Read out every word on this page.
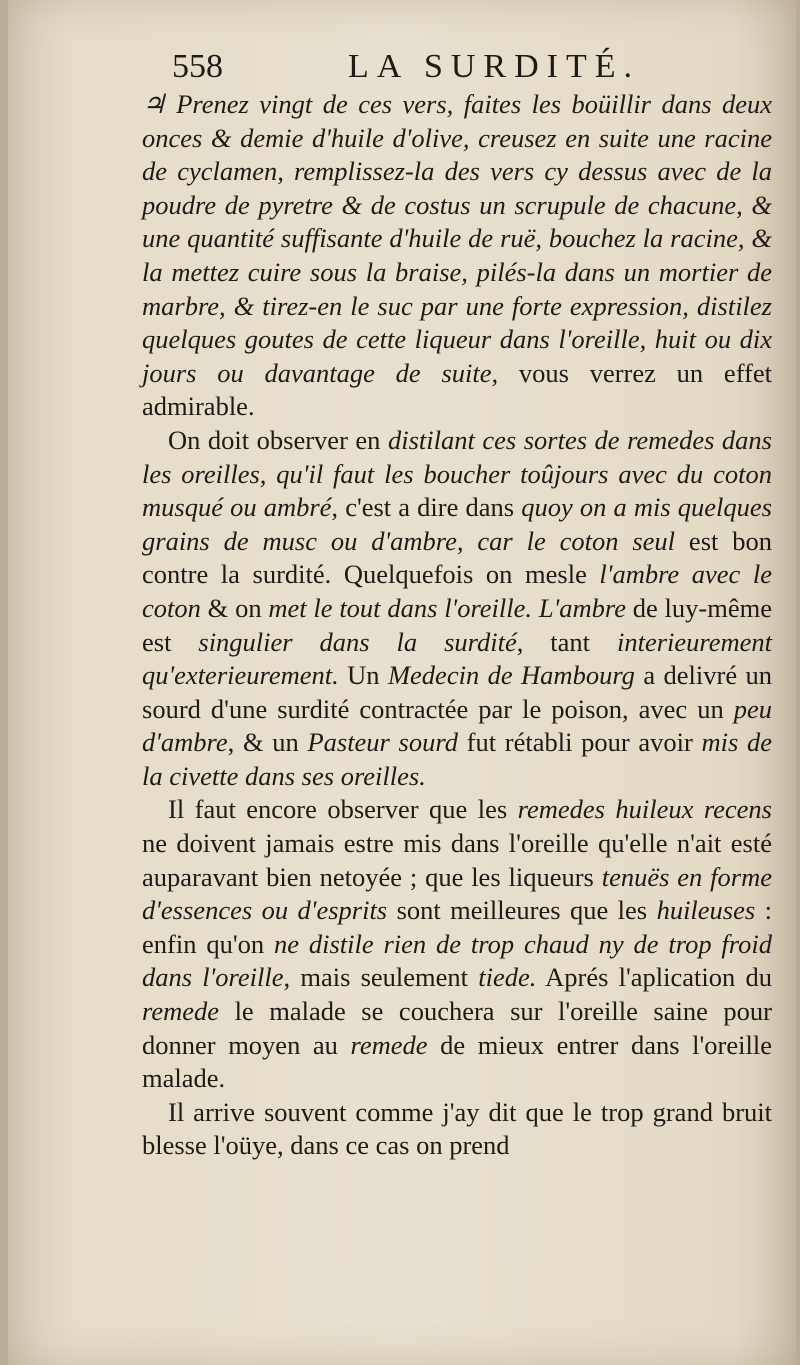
558	LA SURDITÉ.

♃ Prenez vingt de ces vers, faites les boüillir dans deux onces & demie d'huile d'olive, creusez en suite une racine de cyclamen, remplissez-la des vers cy dessus avec de la poudre de pyretre & de costus un scrupule de chacune, & une quantité suffisante d'huile de ruë, bouchez la racine, & la mettez cuire sous la braise, pilés-la dans un mortier de marbre, & tirez-en le suc par une forte expression, distilez quelques goutes de cette liqueur dans l'oreille, huit ou dix jours ou davantage de suite, vous verrez un effet admirable.

On doit observer en distilant ces sortes de remedes dans les oreilles, qu'il faut les boucher toûjours avec du coton musqué ou ambré, c'est a dire dans quoy on a mis quelques grains de musc ou d'ambre, car le coton seul est bon contre la surdité. Quelquefois on mesle l'ambre avec le coton & on met le tout dans l'oreille. L'ambre de luy-même est singulier dans la surdité, tant interieurement qu'exterieurement. Un Medecin de Hambourg a delivré un sourd d'une surdité contractée par le poison, avec un peu d'ambre, & un Pasteur sourd fut rétabli pour avoir mis de la civette dans ses oreilles.

Il faut encore observer que les remedes huileux recens ne doivent jamais estre mis dans l'oreille qu'elle n'ait esté auparavant bien netoyée ; que les liqueurs tenuës en forme d'essences ou d'esprits sont meilleures que les huileuses : enfin qu'on ne distile rien de trop chaud ny de trop froid dans l'oreille, mais seulement tiede. Aprés l'aplication du remede le malade se couchera sur l'oreille saine pour donner moyen au remede de mieux entrer dans l'oreille malade.

Il arrive souvent comme j'ay dit que le trop grand bruit blesse l'oüye, dans ce cas on prend
